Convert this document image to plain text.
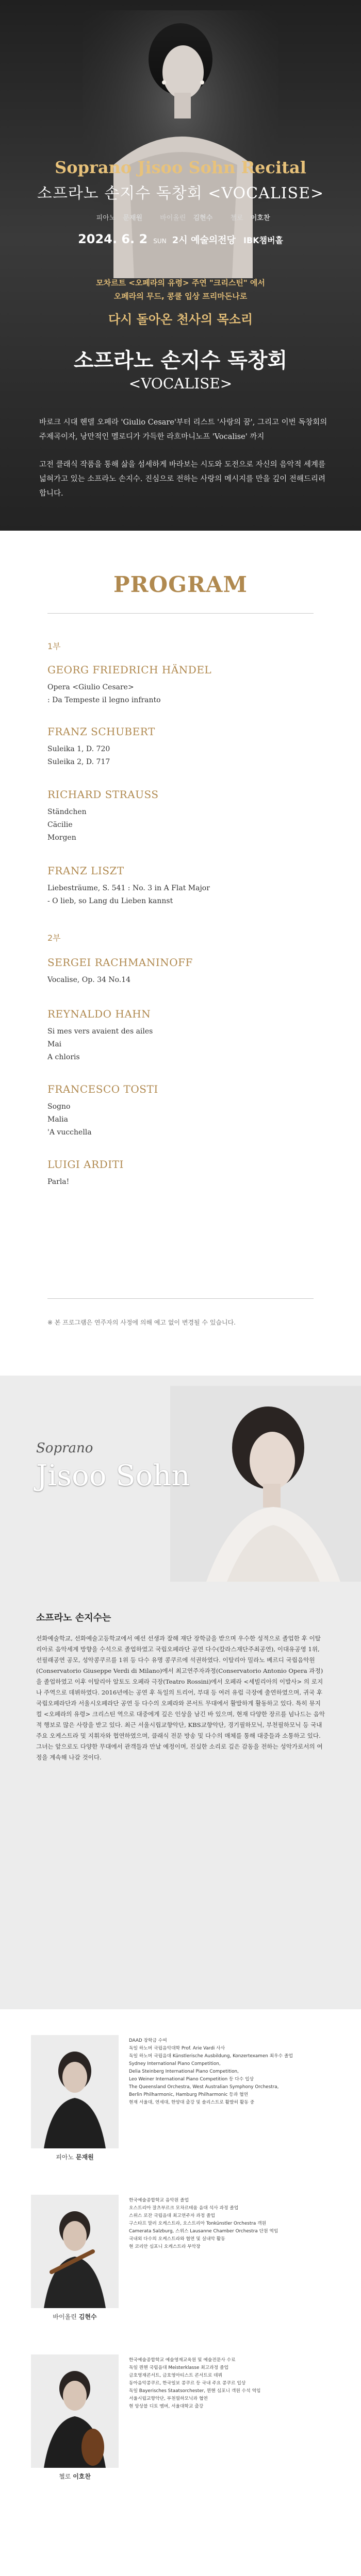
Soprano Jisoo Sohn Recital
소프라노 손지수 독창회 <VOCALISE>
피아노 문재원	바이올린 김현수	첼로 이호찬
2024. 6. 2 SUN 2시 예술의전당 IBK챔버홀
모차르트 <오페라의 유령> 주연 "크리스틴" 에서
오페라의 무드, 콩쿨 입상 프리마돈나로
다시 돌아온 천사의 목소리
소프라노 손지수 독창회
<VOCALISE>

바로크 시대 헨델 오페라 'Giulio Cesare'부터 리스트 '사랑의 꿈', 그리고 이번 독창회의 주제곡이자, 낭만적인 멜로디가 가득한 라흐마니노프 'Vocalise' 까지

고전 클래식 작품을 통해 삶을 섬세하게 바라보는 시도와 도전으로 자신의 음악적 세계를 넓혀가고 있는 소프라노 손지수. 진심으로 전하는 사랑의 메시지를 만을 깊이 전해드리려 합니다.

PROGRAM
1부
GEORG FRIEDRICH HÄNDEL
Opera <Giulio Cesare>
: Da Tempeste il legno infranto
FRANZ SCHUBERT
Suleika 1, D. 720
Suleika 2, D. 717
RICHARD STRAUSS
Ständchen
Cäcilie
Morgen
FRANZ LISZT
Liebesträume, S. 541 : No. 3 in A Flat Major
- O lieb, so Lang du Lieben kannst
2부
SERGEI RACHMANINOFF
Vocalise, Op. 34 No.14
REYNALDO HAHN
Si mes vers avaient des ailes
Mai
A chloris
FRANCESCO TOSTI
Sogno
Malia
'A vucchella
LUIGI ARDITI
Parla!
※ 본 프로그램은 연주자의 사정에 의해 예고 없이 변경될 수 있습니다.
Soprano
Jisoo Sohn
소프라노 손지수는
선화예술학교, 선화예술고등학교에서 예선 선생과 잘해 재단 장학금을 받으며 우수한 성적으로 졸업한 후 이탈리아로 음악세계 방향을 수석으로 졸업하였고 국립오페라단 공연 다수(칼라스재단주최공연), 이대유공영 1위, 선필래공연 공모, 성악콩쿠르를 1위 등 다수 유명 콩쿠르에 석권하였다. 이탈리아 밀라노 베르디 국립음악원(Conservatorio Giuseppe Verdi di Milano)에서 최고연주자과정(Conservatorio Antonio Opera 과정)을 졸업하였고 이후 이탈리아 알토도 오페라 극장(Teatro Rossini)에서 오페라 <세빌리아의 이발사> 의 로지나 주역으로 데뷔하였다. 2016년에는 공연 후 독일의 트리어, 부대 등 여러 유럽 극장에 출연하였으며, 귀국 후 국립오페라단과 서울시오페라단 공연 등 다수의 오페라와 콘서트 무대에서 활발하게 활동하고 있다. 특히 뮤지컬 <오페라의 유령> 크리스틴 역으로 대중에게 깊은 인상을 남긴 바 있으며, 현재 다양한 장르를 넘나드는 음악적 행보로 많은 사랑을 받고 있다. 최근 서울시립교향악단, KBS교향악단, 경기필하모닉, 부천필하모닉 등 국내 주요 오케스트라 및 지휘자와 협연하였으며, 클래식 전문 방송 및 다수의 매체를 통해 대중들과 소통하고 있다. 그녀는 앞으로도 다양한 무대에서 관객들과 만날 예정이며, 진실한 소리로 깊은 감동을 전하는 성악가로서의 여정을 계속해 나갈 것이다.
피아노 문재원

DAAD 장학금 수여

독일 하노버 국립음악대학 Prof. Arie Vardi 사사

독일 하노버 국립음대 Künstlerische Ausbildung, Konzertexamen 최우수 졸업

Sydney International Piano Competition,

Delia Steinberg International Piano Competition,

Leo Weiner International Piano Competition 등 다수 입상

The Queensland Orchestra, West Australian Symphony Orchestra,

Berlin Philharmonic, Hamburg Philharmonic 등과 협연

현재 서울대, 연세대, 한양대 출강 및 솔리스트로 활발히 활동 중

바이올린 김현수

한국예술종합학교 음악원 졸업

오스트리아 잘츠부르크 모차르테움 음대 석사 과정 졸업

스위스 로잔 국립음대 최고연주자 과정 졸업

구스타프 말러 오케스트라, 오스트리아 Tonkünstler Orchestra 객원

Camerata Salzburg, 스위스 Lausanne Chamber Orchestra 단원 역임

국내외 다수의 오케스트라와 협연 및 실내악 활동

현 코리안 심포니 오케스트라 부악장

첼로 이호찬

한국예술종합학교 예술영재교육원 및 예술전문사 수료

독일 뮌헨 국립음대 Meisterklasse 최고과정 졸업

금호영재콘서트, 금호영아티스트 콘서트로 데뷔

동아음악콩쿠르, 한국일보 콩쿠르 등 국내 주요 콩쿠르 입상

독일 Bayerisches Staatsorchester, 뮌헨 심포니 객원 수석 역임

서울시립교향악단, 부천필하모닉과 협연

현 앙상블 디토 멤버, 서울대학교 출강
